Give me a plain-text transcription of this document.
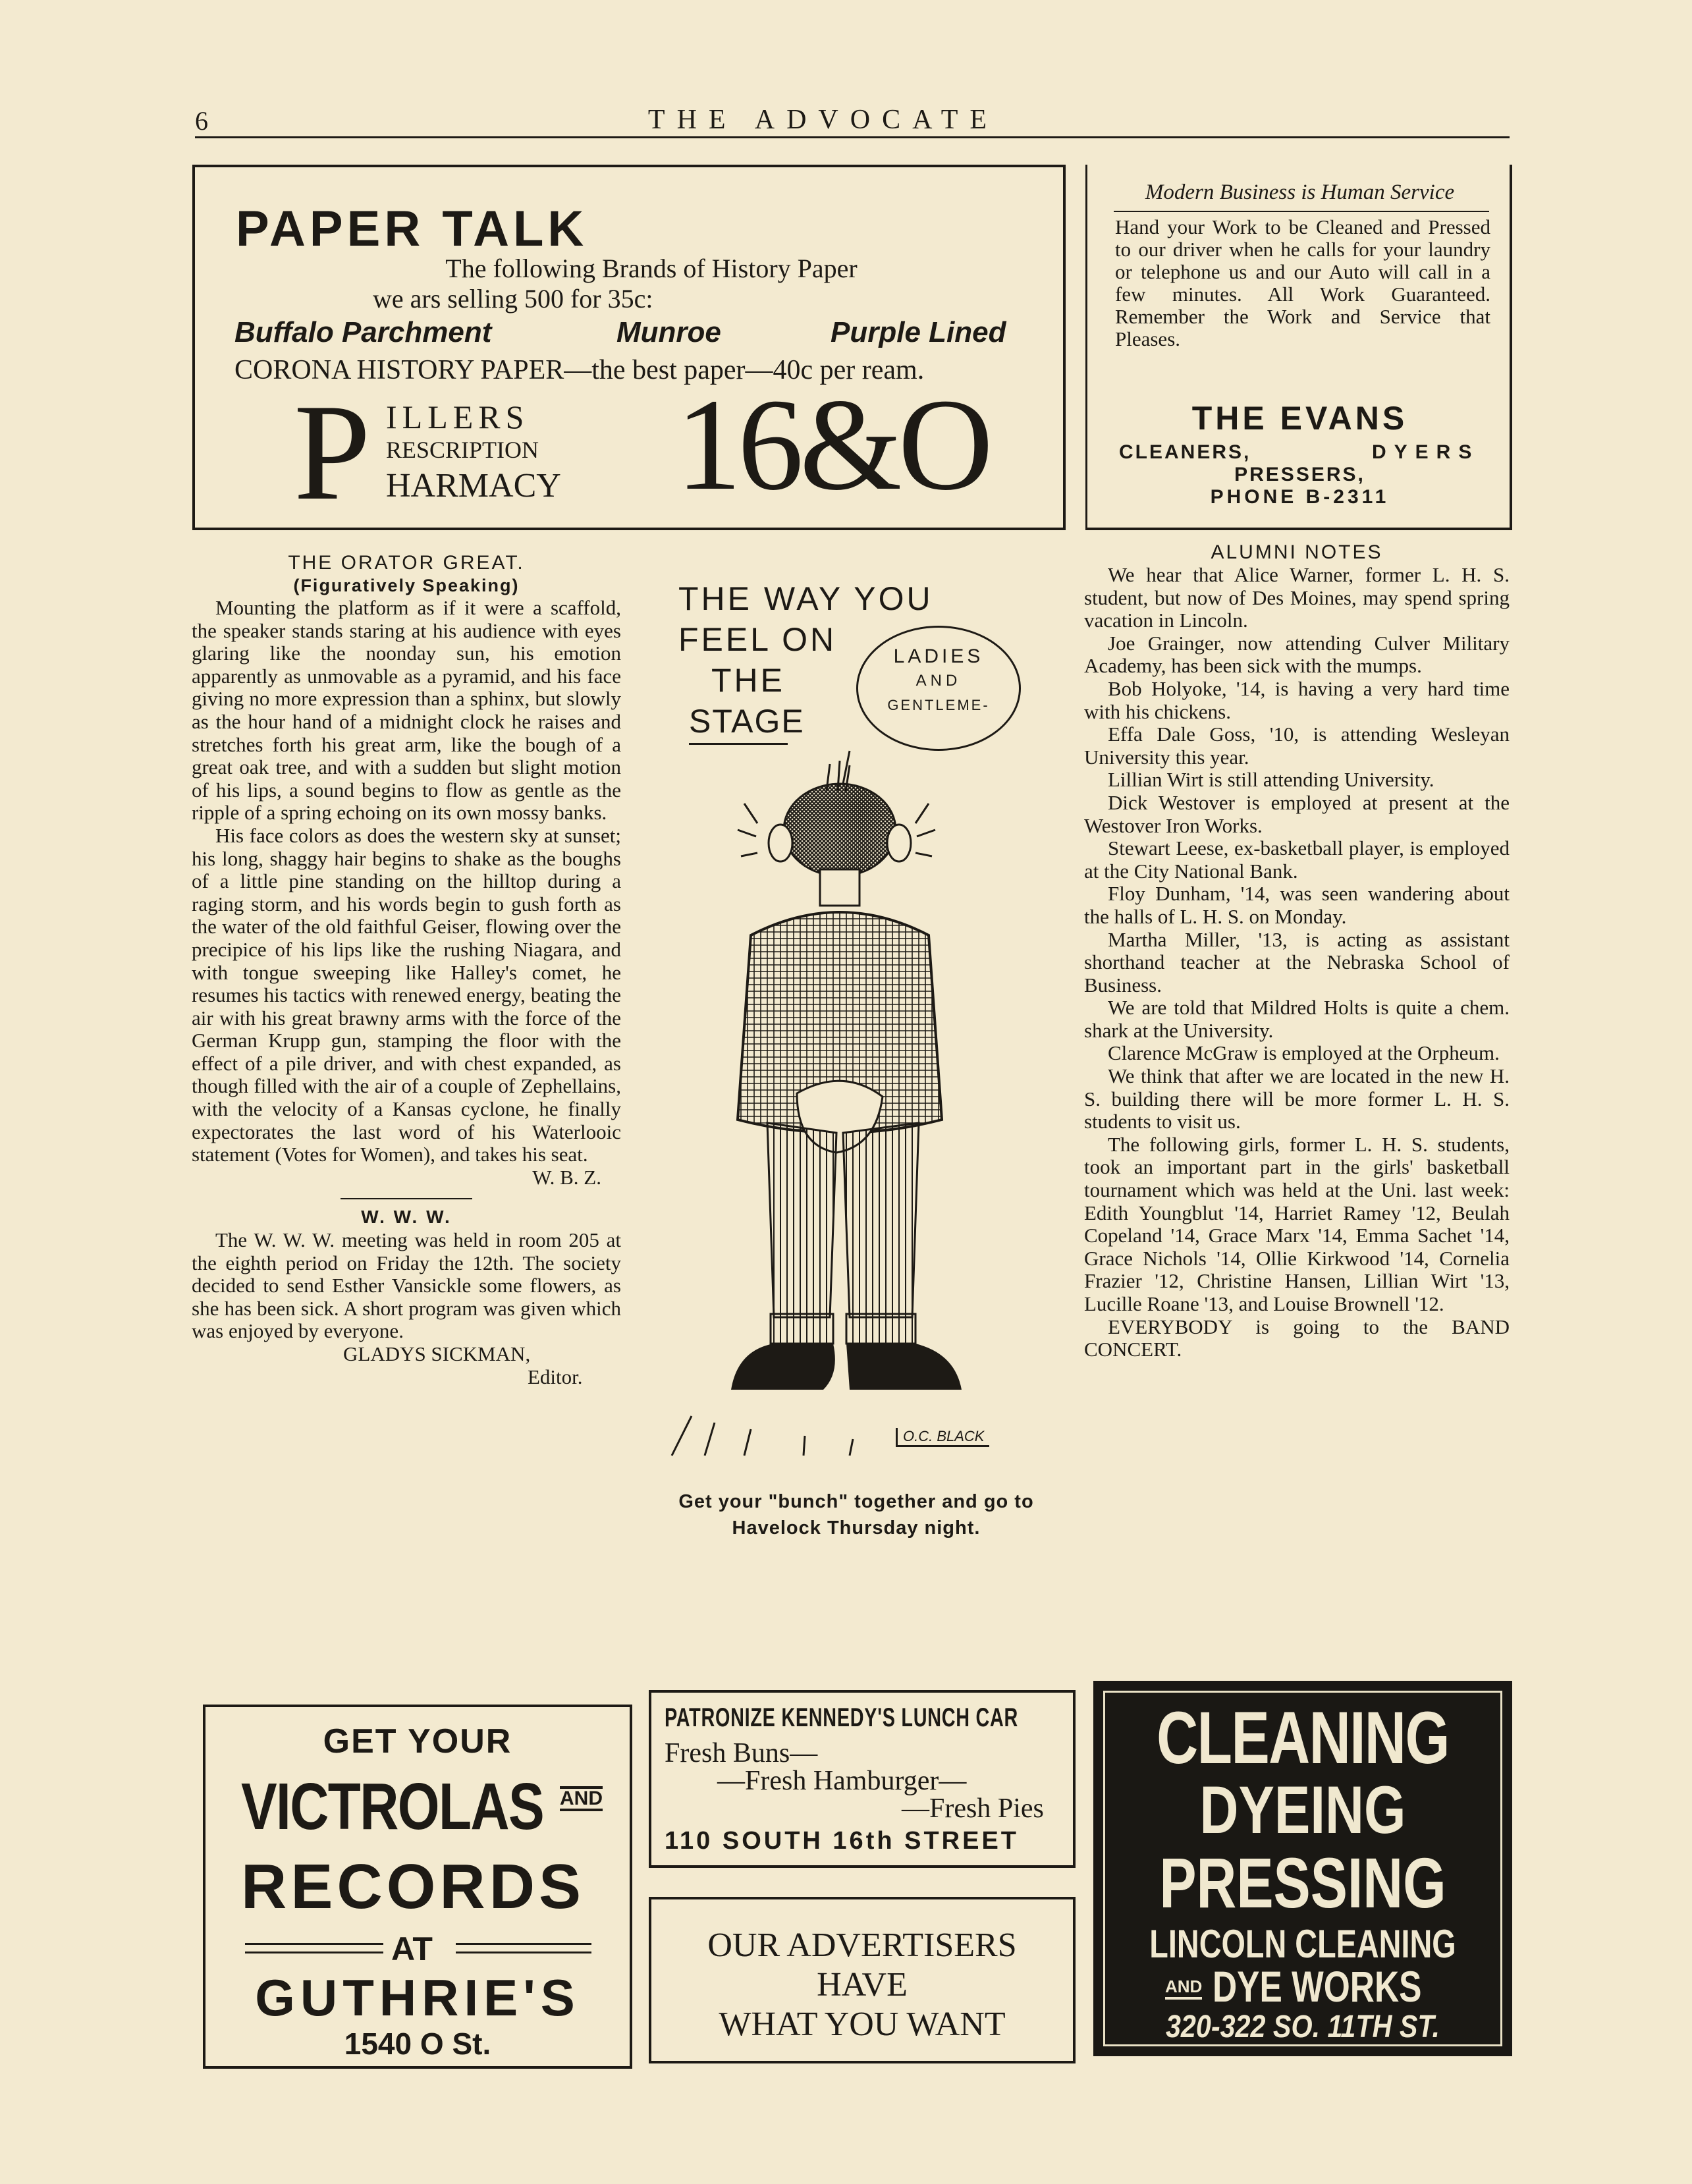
6	THE ADVOCATE
PAPER TALK
The following Brands of History Paper
we ars selling 500 for 35c:
Buffalo Parchment	Munroe	Purple Lined
CORONA HISTORY PAPER—the best paper—40c per ream.
P ILLERS
RESCRIPTION
HARMACY 16&O
Modern Business is Human Service
Hand your Work to be Cleaned and Pressed to our driver when he calls for your laundry or telephone us and our Auto will call in a few minutes. All Work Guaranteed. Remember the Work and Service that Pleases.
THE EVANS
CLEANERS,	DYERS
PRESSERS,
PHONE B-2311
THE ORATOR GREAT.
(Figuratively Speaking)

Mounting the platform as if it were a scaffold, the speaker stands staring at his audience with eyes glaring like the noonday sun, his emotion apparently as unmovable as a pyramid, and his face giving no more expression than a sphinx, but slowly as the hour hand of a midnight clock he raises and stretches forth his great arm, like the bough of a great oak tree, and with a sudden but slight motion of his lips, a sound begins to flow as gentle as the ripple of a spring echoing on its own mossy banks.

His face colors as does the western sky at sunset; his long, shaggy hair begins to shake as the boughs of a little pine standing on the hilltop during a raging storm, and his words begin to gush forth as the water of the old faithful Geiser, flowing over the precipice of his lips like the rushing Niagara, and with tongue sweeping like Halley's comet, he resumes his tactics with renewed energy, beating the air with his great brawny arms with the force of the German Krupp gun, stamping the floor with the effect of a pile driver, and with chest expanded, as though filled with the air of a couple of Zephellains, with the velocity of a Kansas cyclone, he finally expectorates the last word of his Waterlooic statement (Votes for Women), and takes his seat.

W. B. Z.
W. W. W.

The W. W. W. meeting was held in room 205 at the eighth period on Friday the 12th. The society decided to send Esther Vansickle some flowers, as she has been sick. A short program was given which was enjoyed by everyone.

GLADYS SICKMAN,
Editor.
THE WAY YOU
FEEL ON
THE
STAGE
LADIES
AND
GENTLEME-
O.C. BLACK
Get your "bunch" together and go to Havelock Thursday night.
ALUMNI NOTES

We hear that Alice Warner, former L. H. S. student, but now of Des Moines, may spend spring vacation in Lincoln.

Joe Grainger, now attending Culver Military Academy, has been sick with the mumps.

Bob Holyoke, '14, is having a very hard time with his chickens.

Effa Dale Goss, '10, is attending Wesleyan University this year.

Lillian Wirt is still attending University.

Dick Westover is employed at present at the Westover Iron Works.

Stewart Leese, ex-basketball player, is employed at the City National Bank.

Floy Dunham, '14, was seen wandering about the halls of L. H. S. on Monday.

Martha Miller, '13, is acting as assistant shorthand teacher at the Nebraska School of Business.

We are told that Mildred Holts is quite a chem. shark at the University.

Clarence McGraw is employed at the Orpheum.

We think that after we are located in the new H. S. building there will be more former L. H. S. students to visit us.

The following girls, former L. H. S. students, took an important part in the girls' basketball tournament which was held at the Uni. last week: Edith Youngblut '14, Harriet Ramey '12, Beulah Copeland '14, Grace Marx '14, Emma Sachet '14, Grace Nichols '14, Ollie Kirkwood '14, Cornelia Frazier '12, Christine Hansen, Lillian Wirt '13, Lucille Roane '13, and Louise Brownell '12.

EVERYBODY is going to the BAND CONCERT.

GET YOUR
VICTROLAS AND
RECORDS
AT
GUTHRIE'S
1540 O St.
PATRONIZE KENNEDY'S LUNCH CAR
Fresh Buns—
—Fresh Hamburger—
—Fresh Pies
110 SOUTH 16th STREET
OUR ADVERTISERS
HAVE
WHAT YOU WANT
CLEANING
DYEING
PRESSING
LINCOLN CLEANING
AND DYE WORKS
320-322 SO. 11TH ST.
